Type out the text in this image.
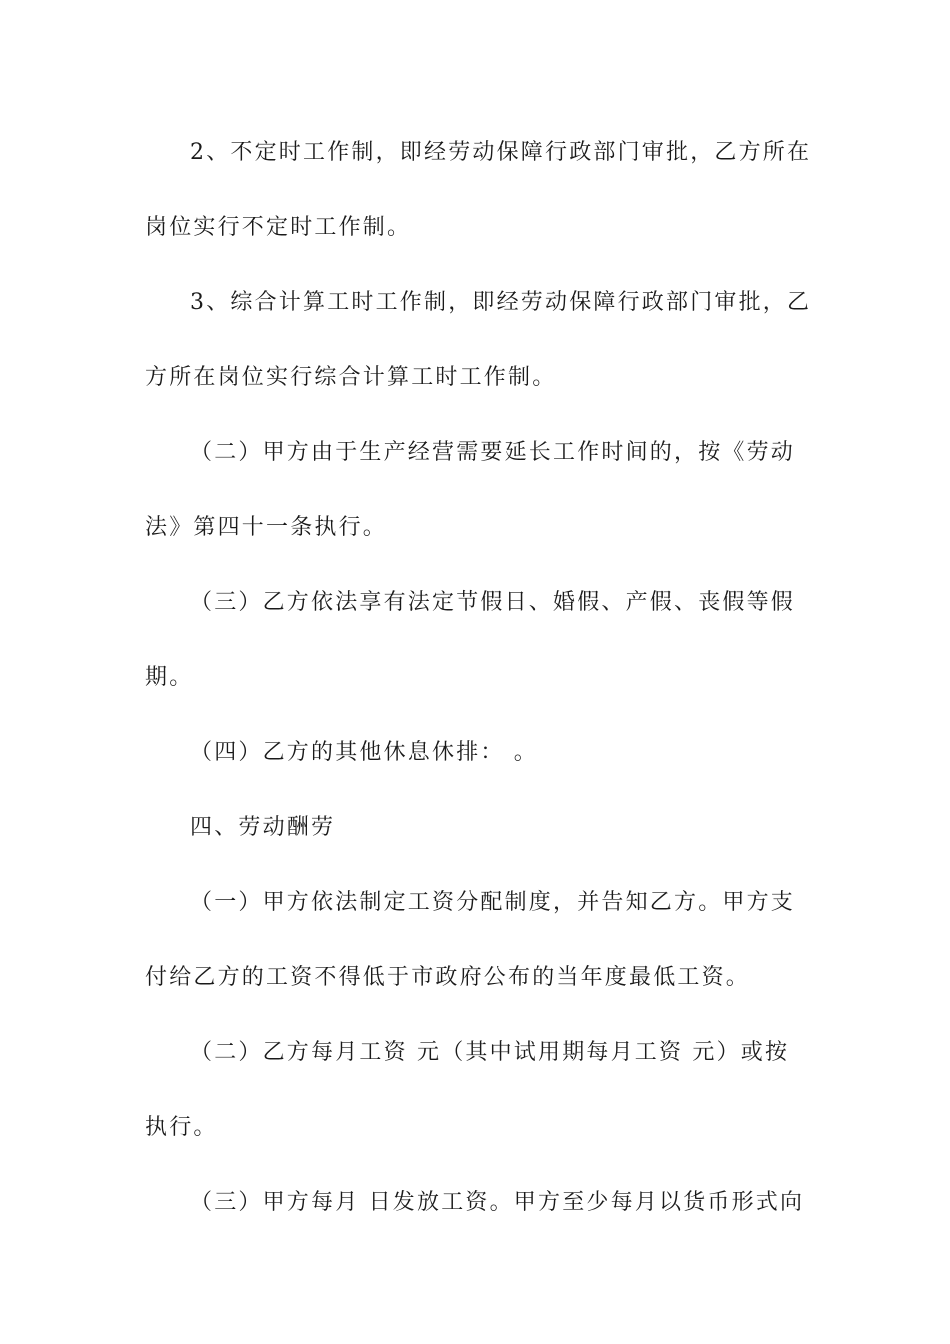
2、不定时工作制，即经劳动保障行政部门审批，乙方所在
岗位实行不定时工作制。
3、综合计算工时工作制，即经劳动保障行政部门审批，乙
方所在岗位实行综合计算工时工作制。
（二）甲方由于生产经营需要延长工作时间的，按《劳动
法》第四十一条执行。
（三）乙方依法享有法定节假日、婚假、产假、丧假等假
期。
（四）乙方的其他休息休排： 。
四、劳动酬劳
（一）甲方依法制定工资分配制度，并告知乙方。甲方支
付给乙方的工资不得低于市政府公布的当年度最低工资。
（二）乙方每月工资 元（其中试用期每月工资 元）或按
执行。
（三）甲方每月 日发放工资。甲方至少每月以货币形式向
